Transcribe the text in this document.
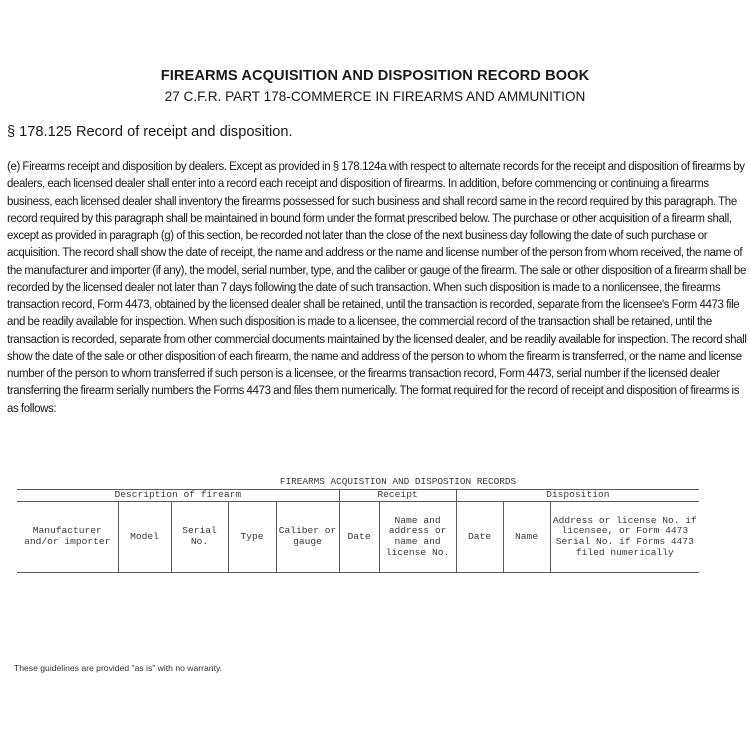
FIREARMS ACQUISITION AND DISPOSITION RECORD BOOK
27 C.F.R. PART 178-COMMERCE IN FIREARMS AND AMMUNITION
§ 178.125 Record of receipt and disposition.
(e) Firearms receipt and disposition by dealers. Except as provided in § 178.124a with respect to alternate records for the receipt and disposition of firearms by dealers, each licensed dealer shall enter into a record each receipt and disposition of firearms. In addition, before commencing or continuing a firearms business, each licensed dealer shall inventory the firearms possessed for such business and shall record same in the record required by this paragraph. The record required by this paragraph shall be maintained in bound form under the format prescribed below. The purchase or other acquisition of a firearm shall, except as provided in paragraph (g) of this section, be recorded not later than the close of the next business day following the date of such purchase or acquisition. The record shall show the date of receipt, the name and address or the name and license number of the person from whom received, the name of the manufacturer and importer (if any), the model, serial number, type, and the caliber or gauge of the firearm. The sale or other disposition of a firearm shall be recorded by the licensed dealer not later than 7 days following the date of such transaction. When such disposition is made to a nonlicensee, the firearms transaction record, Form 4473, obtained by the licensed dealer shall be retained, until the transaction is recorded, separate from the licensee's Form 4473 file and be readily available for inspection. When such disposition is made to a licensee, the commercial record of the transaction shall be retained, until the transaction is recorded, separate from other commercial documents maintained by the licensed dealer, and be readily available for inspection. The record shall show the date of the sale or other disposition of each firearm, the name and address of the person to whom the firearm is transferred, or the name and license number of the person to whom transferred if such person is a licensee, or the firearms transaction record, Form 4473, serial number if the licensed dealer transferring the firearm serially numbers the Forms 4473 and files them numerically. The format required for the record of receipt and disposition of firearms is as follows:
FIREARMS ACQUISTION AND DISPOSTION RECORDS
Description of firearm					Receipt		Disposition		
Manufacturer and/or importer	Model	Serial No.	Type	Caliber or gauge	Date	Name and address or name and license No.	Date	Name	Address or license No. if licensee, or Form 4473 Serial No. if Forms 4473 filed numerically
These guidelines are provided "as is" with no warranty.
